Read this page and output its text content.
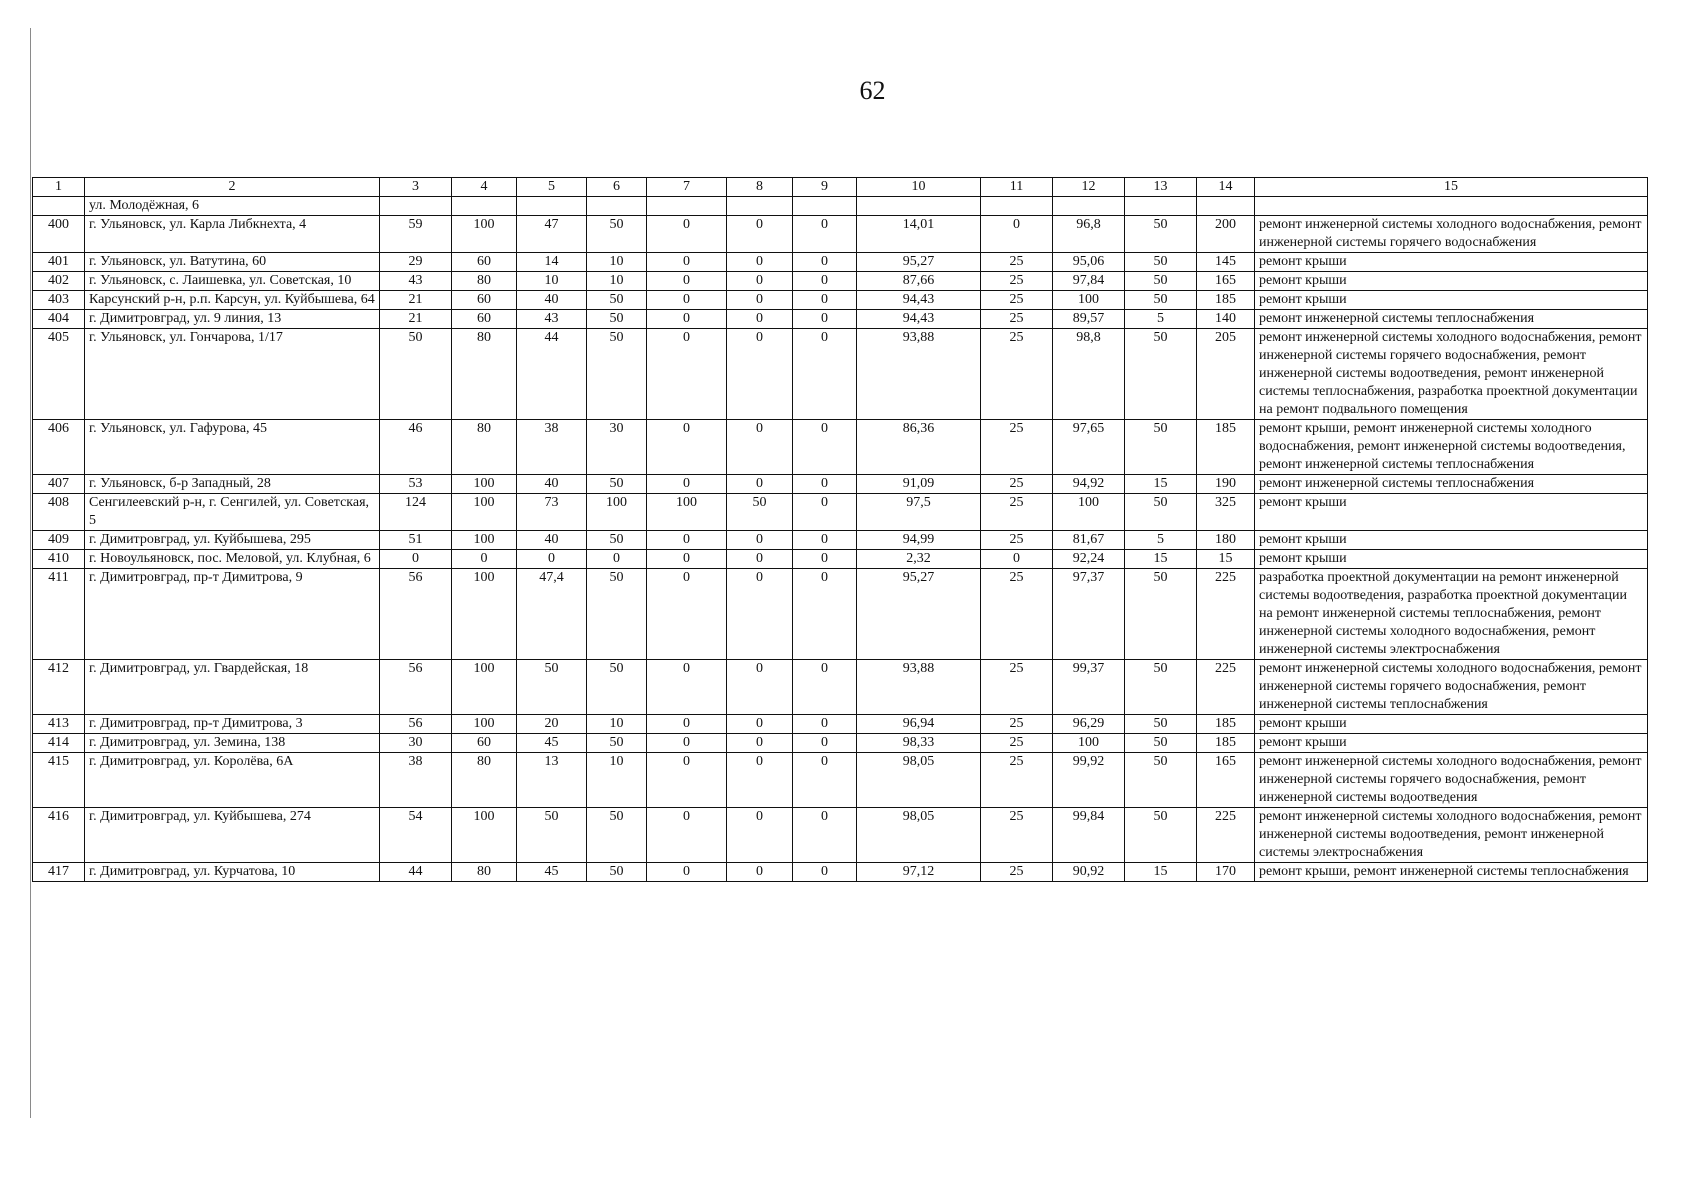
62
1	2	3	4	5	6	7	8	9	10	11	12	13	14	15
	ул. Молодёжная, 6													
400	г. Ульяновск, ул. Карла Либкнехта, 4	59	100	47	50	0	0	0	14,01	0	96,8	50	200	ремонт инженерной системы холодного водоснабжения, ремонт инженерной системы горячего водоснабжения
401	г. Ульяновск, ул. Ватутина, 60	29	60	14	10	0	0	0	95,27	25	95,06	50	145	ремонт крыши
402	г. Ульяновск, с. Лаишевка, ул. Советская, 10	43	80	10	10	0	0	0	87,66	25	97,84	50	165	ремонт крыши
403	Карсунский р-н, р.п. Карсун, ул. Куйбышева, 64	21	60	40	50	0	0	0	94,43	25	100	50	185	ремонт крыши
404	г. Димитровград, ул. 9 линия, 13	21	60	43	50	0	0	0	94,43	25	89,57	5	140	ремонт инженерной системы теплоснабжения
405	г. Ульяновск, ул. Гончарова, 1/17	50	80	44	50	0	0	0	93,88	25	98,8	50	205	ремонт инженерной системы холодного водоснабжения, ремонт инженерной системы горячего водоснабжения, ремонт инженерной системы водоотведения, ремонт инженерной системы теплоснабжения, разработка проектной документации на ремонт подвального помещения
406	г. Ульяновск, ул. Гафурова, 45	46	80	38	30	0	0	0	86,36	25	97,65	50	185	ремонт крыши, ремонт инженерной системы холодного водоснабжения, ремонт инженерной системы водоотведения, ремонт инженерной системы теплоснабжения
407	г. Ульяновск, б-р Западный, 28	53	100	40	50	0	0	0	91,09	25	94,92	15	190	ремонт инженерной системы теплоснабжения
408	Сенгилеевский р-н, г. Сенгилей, ул. Советская, 5	124	100	73	100	100	50	0	97,5	25	100	50	325	ремонт крыши
409	г. Димитровград, ул. Куйбышева, 295	51	100	40	50	0	0	0	94,99	25	81,67	5	180	ремонт крыши
410	г. Новоульяновск, пос. Меловой, ул. Клубная, 6	0	0	0	0	0	0	0	2,32	0	92,24	15	15	ремонт крыши
411	г. Димитровград, пр-т Димитрова, 9	56	100	47,4	50	0	0	0	95,27	25	97,37	50	225	разработка проектной документации на ремонт инженерной системы водоотведения, разработка проектной документации на ремонт инженерной системы теплоснабжения, ремонт инженерной системы холодного водоснабжения, ремонт инженерной системы электроснабжения
412	г. Димитровград, ул. Гвардейская, 18	56	100	50	50	0	0	0	93,88	25	99,37	50	225	ремонт инженерной системы холодного водоснабжения, ремонт инженерной системы горячего водоснабжения, ремонт инженерной системы теплоснабжения
413	г. Димитровград, пр-т Димитрова, 3	56	100	20	10	0	0	0	96,94	25	96,29	50	185	ремонт крыши
414	г. Димитровград, ул. Земина, 138	30	60	45	50	0	0	0	98,33	25	100	50	185	ремонт крыши
415	г. Димитровград, ул. Королёва, 6А	38	80	13	10	0	0	0	98,05	25	99,92	50	165	ремонт инженерной системы холодного водоснабжения, ремонт инженерной системы горячего водоснабжения, ремонт инженерной системы водоотведения
416	г. Димитровград, ул. Куйбышева, 274	54	100	50	50	0	0	0	98,05	25	99,84	50	225	ремонт инженерной системы холодного водоснабжения, ремонт инженерной системы водоотведения, ремонт инженерной системы электроснабжения
417	г. Димитровград, ул. Курчатова, 10	44	80	45	50	0	0	0	97,12	25	90,92	15	170	ремонт крыши, ремонт инженерной системы теплоснабжения
